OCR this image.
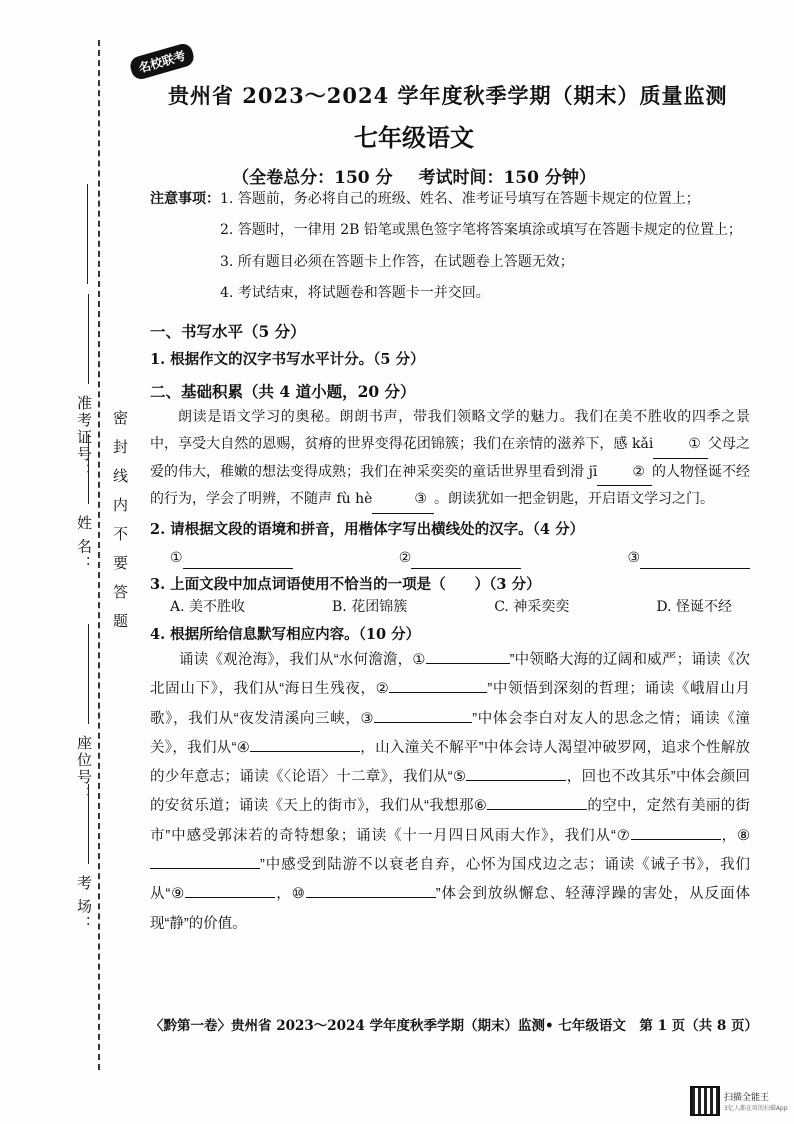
准考证号：
姓 名：
座位号：
考 场：
密封线内不要答题
名校联考
贵州省 2023～2024 学年度秋季学期（期末）质量监测
七年级语文
（全卷总分：150 分 考试时间：150 分钟）
注意事项： 1. 答题前，务必将自己的班级、姓名、准考证号填写在答题卡规定的位置上；
2. 答题时，一律用 2B 铅笔或黑色签字笔将答案填涂或填写在答题卡规定的位置上；
3. 所有题目必须在答题卡上作答，在试题卷上答题无效；
4. 考试结束，将试题卷和答题卡一并交回。
一、书写水平（5 分）
1. 根据作文的汉字书写水平计分。（5 分）
二、基础积累（共 4 道小题，20 分）
朗读是语文学习的奥秘。朗朗书声，带我们领略文学的魅力。我们在美不胜收的四季之景中，享受大自然的恩赐，贫瘠的世界变得花团锦簇；我们在亲情的滋养下，感 kǎi 	①  父母之爱的伟大，稚嫩的想法变得成熟；我们在神采奕奕的童话世界里看到滑 jī 	②  的人物怪诞不经的行为，学会了明辨，不随声 fù hè 	③  。朗读犹如一把金钥匙，开启语文学习之门。
2. 请根据文段的语境和拼音，用楷体字写出横线处的汉字。（4 分）
①	②	③
3. 上面文段中加点词语使用不恰当的一项是（　　）（3 分）
A. 美不胜收	B. 花团锦簇	C. 神采奕奕	D. 怪诞不经
4. 根据所给信息默写相应内容。（10 分）
诵读《观沧海》，我们从“水何澹澹，①	”中领略大海的辽阔和威严；诵读《次北固山下》，我们从“海日生残夜，②	”中领悟到深刻的哲理；诵读《峨眉山月歌》，我们从“夜发清溪向三峡，③	”中体会李白对友人的思念之情；诵读《潼关》，我们从“④	，山入潼关不解平”中体会诗人渴望冲破罗网，追求个性解放的少年意志；诵读《〈论语〉十二章》，我们从“⑤	，回也不改其乐”中体会颜回的安贫乐道；诵读《天上的街市》，我们从“我想那⑥	的空中，定然有美丽的街市”中感受郭沫若的奇特想象；诵读《十一月四日风雨大作》，我们从“⑦	，⑧”中感受到陆游不以衰老自弃，心怀为国戍边之志；诵读《诫子书》，我们从“⑨	，⑩	”体会到放纵懈怠、轻薄浮躁的害处，从反面体现“静”的价值。
〈黔第一卷〉贵州省 2023～2024 学年度秋季学期（期末）监测• 七年级语文　第 1 页（共 8 页）
扫描全能王
3亿人都在用的扫描App
